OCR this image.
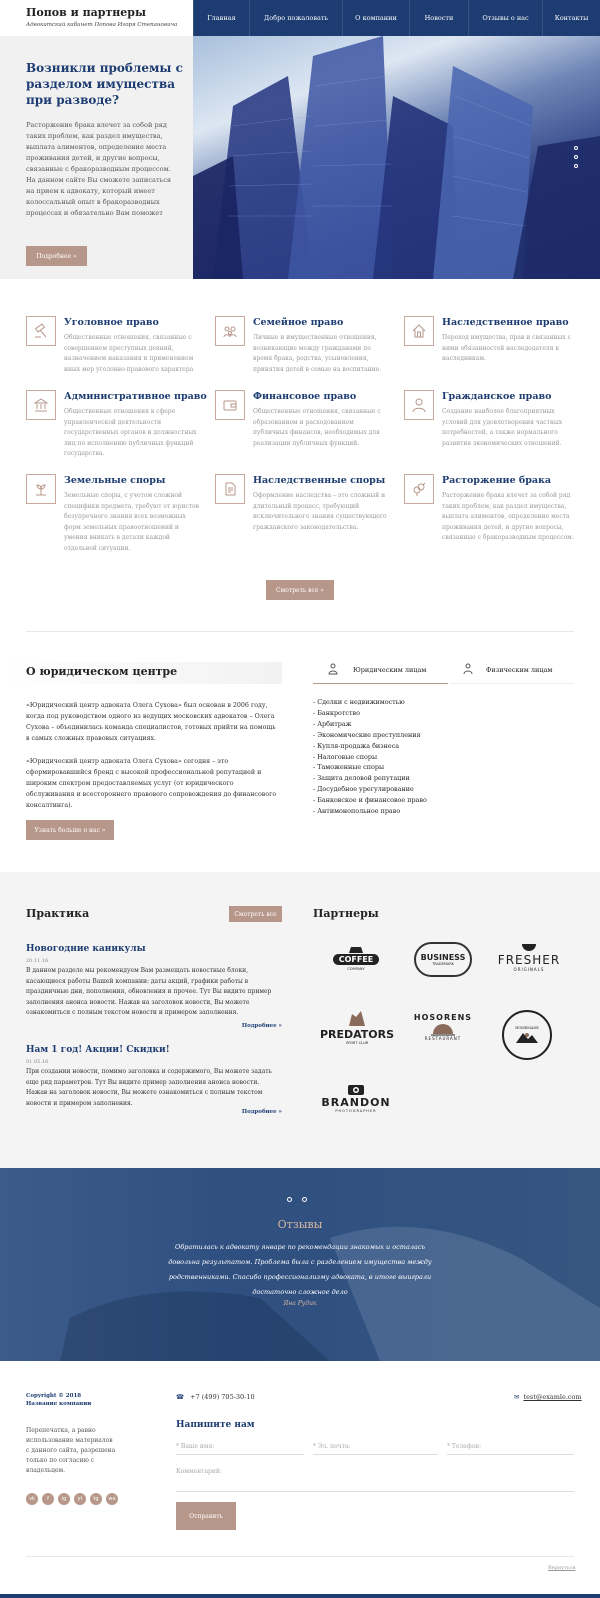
Попов и партнеры
Адвокатский кабинет Попова Игоря Степановича
Главная	Добро пожаловать	О компании	Новости	Отзывы о нас	Контакты
Возникли проблемы с разделом имущества при разводе?

Расторжение брака влечет за собой ряд таких проблем, как раздел имущества, выплата алиментов, определение места проживания детей, и другие вопросы, связанные с бракоразводным процессом. На данном сайте Вы сможете записаться на прием к адвокату, который имеет колоссальный опыт в бракоразводных процессах и обязательно Вам поможет

Подробнее »
Уголовное право

Общественные отношения, связанные с совершением преступных деяний, назначением наказания и применением иных мер уголовно-правового характера

Семейное право

Личные и имущественные отношения, возникающие между гражданами по время брака, родства, усыновления, принятия детей в семью на воспитание.

Наследственное право

Переход имущества, прав и связанных с ними обязанностей наследодателя к наследникам.

Административное право

Общественные отношения в сфере управленческой деятельности государственных органов и должностных лиц по исполнению публичных функций государства.

Финансовое право

Общественные отношения, связанные с образованием и расходованием публичных финансов, необходимых для реализации публичных функций.

Гражданское право

Создание наиболее благоприятных условий для удовлетворения частных потребностей, а также нормального развития экономических отношений.

Земельные споры

Земельные споры, с учетом сложной специфики предмета, требуют от юристов безупречного знания всех возможных форм земельных правоотношений и умения вникать в детали каждой отдельной ситуации.

Наследственные споры

Оформление наследства – это сложный и длительный процесс, требующий исключительного знания существующего гражданского законодательства.

Расторжение брака

Расторжение брака влечет за собой ряд таких проблем, как раздел имущества, выплата алиментов, определение места проживания детей, и другие вопросы, связанные с бракоразводным процессом.

Смотреть все »
О юридическом центре
«Юридический центр адвоката Олега Сухова» был основан в 2006 году, когда под руководством одного из ведущих московских адвокатов – Олега Сухова – объединилась команда специалистов, готовых прийти на помощь в самых сложных правовых ситуациях.
«Юридический центр адвоката Олега Сухова» сегодня – это сформировавшийся бренд с высокой профессиональной репутацией и широким спектром предоставляемых услуг (от юридического обслуживания и всестороннего правового сопровождения до финансового консалтинга).
Узнать больше о нас »
Юридическим лицам	Физическим лицам
- Сделки с недвижимостью
- Банкротство
- Арбитраж
- Экономические преступления
- Купля-продажа бизнеса
- Налоговые споры
- Таможенные споры
- Защита деловой репутации
- Досудебное урегулирование
- Банковское и финансовое право
- Антимонопольное право
Практика	Смотреть все
Новогодние каникулы
20.11.16

В данном разделе мы рекомендуем Вам размещать новостные блоки, касающиеся работы Вашей компании: даты акций, графики работы в праздничные дни, пополнения, обновления и прочее. Тут Вы видите пример заполнения анонса новости. Нажав на заголовок новости, Вы можете ознакомиться с полным текстом новости и примером заполнения.

Подробнее »
Нам 1 год! Акции! Скидки!
01.05.16

При создании новости, помимо заголовка и содержимого, Вы можете задать еще ряд параметров. Тут Вы видите пример заполнения анонса новости. Нажав на заголовок новости, Вы можете ознакомиться с полным текстом новости и примером заполнения.

Подробнее »
Партнеры
COFFEE
COMPANY
BUSINESS
TRADEMARK	FRESHER
ORIGINALS
PREDATORS
SPORT CLUB
HOSORENS
RESTAURANT
HOMEMADE
BRANDON
PHOTOGRAPHER
Отзывы
Обратилась к адвокату январе по рекомендации знакомых и осталась довольна результатом. Проблема была с разделением имущества между родственниками. Спасибо профессионализму адвоката, в итоге выиграли достаточно сложное дело
Яна Рудик
Copyright © 2018
Название компании
Перепечатка, а равно использование материалов с данного сайта, разрешена только по согласию с владельцем.
vk	f	ig	yt	tg	wa
☎ +7 (499) 705-30-10	✉ test@examle.com
Напишите нам
* Ваше имя:	* Эл. почта:	* Телефон:
Комментарий:
Отправить
Вернуться
